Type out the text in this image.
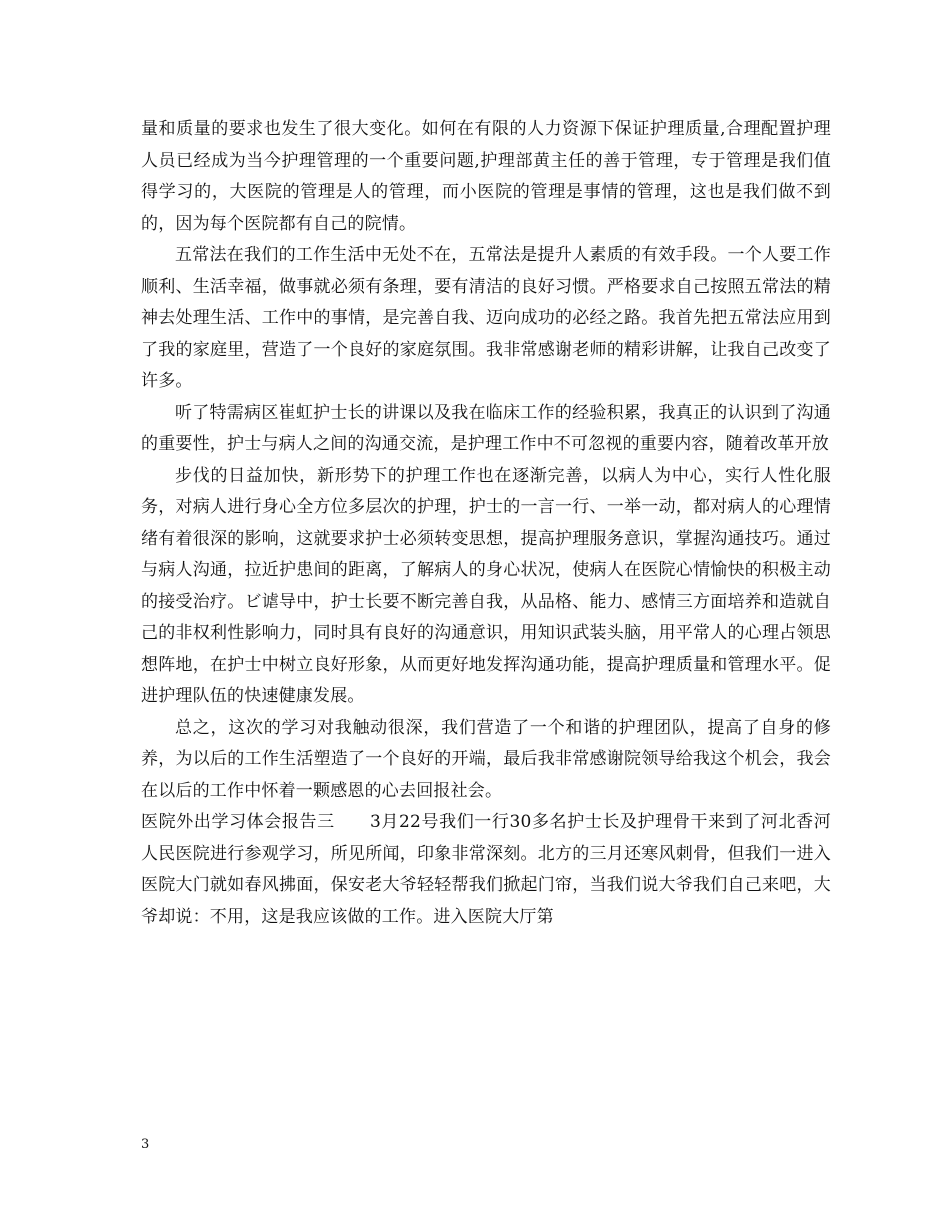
量和质量的要求也发生了很大变化。如何在有限的人力资源下保证护理质量,合理配置护理人员已经成为当今护理管理的一个重要问题,护理部黄主任的善于管理，专于管理是我们值得学习的，大医院的管理是人的管理，而小医院的管理是事情的管理，这也是我们做不到的，因为每个医院都有自己的院情。

五常法在我们的工作生活中无处不在，五常法是提升人素质的有效手段。一个人要工作顺利、生活幸福，做事就必须有条理，要有清洁的良好习惯。严格要求自己按照五常法的精神去处理生活、工作中的事情，是完善自我、迈向成功的必经之路。我首先把五常法应用到了我的家庭里，营造了一个良好的家庭氛围。我非常感谢老师的精彩讲解，让我自己改变了许多。

听了特需病区崔虹护士长的讲课以及我在临床工作的经验积累，我真正的认识到了沟通的重要性，护士与病人之间的沟通交流，是护理工作中不可忽视的重要内容，随着改革开放

步伐的日益加快，新形势下的护理工作也在逐渐完善，以病人为中心，实行人性化服务，对病人进行身心全方位多层次的护理，护士的一言一行、一举一动，都对病人的心理情绪有着很深的影响，这就要求护士必须转变思想，提高护理服务意识，掌握沟通技巧。通过与病人沟通，拉近护患间的距离，了解病人的身心状况，使病人在医院心情愉快的积极主动的接受治疗。ビ谑导中，护士长要不断完善自我，从品格、能力、感情三方面培养和造就自己的非权利性影响力，同时具有良好的沟通意识，用知识武装头脑，用平常人的心理占领思想阵地，在护士中树立良好形象，从而更好地发挥沟通功能，提高护理质量和管理水平。促进护理队伍的快速健康发展。

总之，这次的学习对我触动很深，我们营造了一个和谐的护理团队，提高了自身的修养，为以后的工作生活塑造了一个良好的开端，最后我非常感谢院领导给我这个机会，我会在以后的工作中怀着一颗感恩的心去回报社会。

医院外出学习体会报告三　　3月22号我们一行30多名护士长及护理骨干来到了河北香河人民医院进行参观学习，所见所闻，印象非常深刻。北方的三月还寒风刺骨，但我们一进入医院大门就如春风拂面，保安老大爷轻轻帮我们掀起门帘，当我们说大爷我们自己来吧，大爷却说：不用，这是我应该做的工作。进入医院大厅第

3
